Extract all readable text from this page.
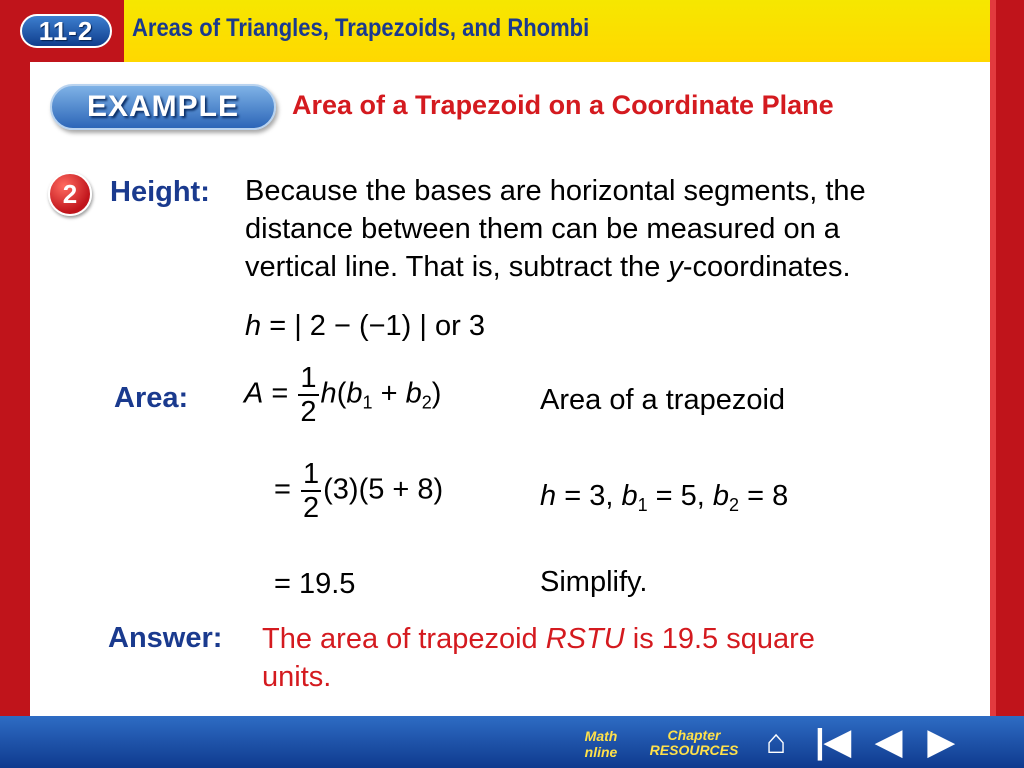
11-2	Areas of Triangles, Trapezoids, and Rhombi
EXAMPLE	Area of a Trapezoid on a Coordinate Plane
2	Height: Because the bases are horizontal segments, the
distance between them can be measured on a
vertical line. That is, subtract the y-coordinates.
h = | 2 − (−1) | or 3
Area: $A = \frac{1}{2} h(b_1 + b_2)$	Area of a trapezoid
= $\frac{1}{2} (3)(5 + 8)$	h = 3, $b_1 = 5$, $b_2 = 8$
= 19.5	Simplify.
Answer: The area of trapezoid RSTU is 19.5 square
units.
Math
nline
Chapter
RESOURCES ⌂ |◀ ◀ ▶
